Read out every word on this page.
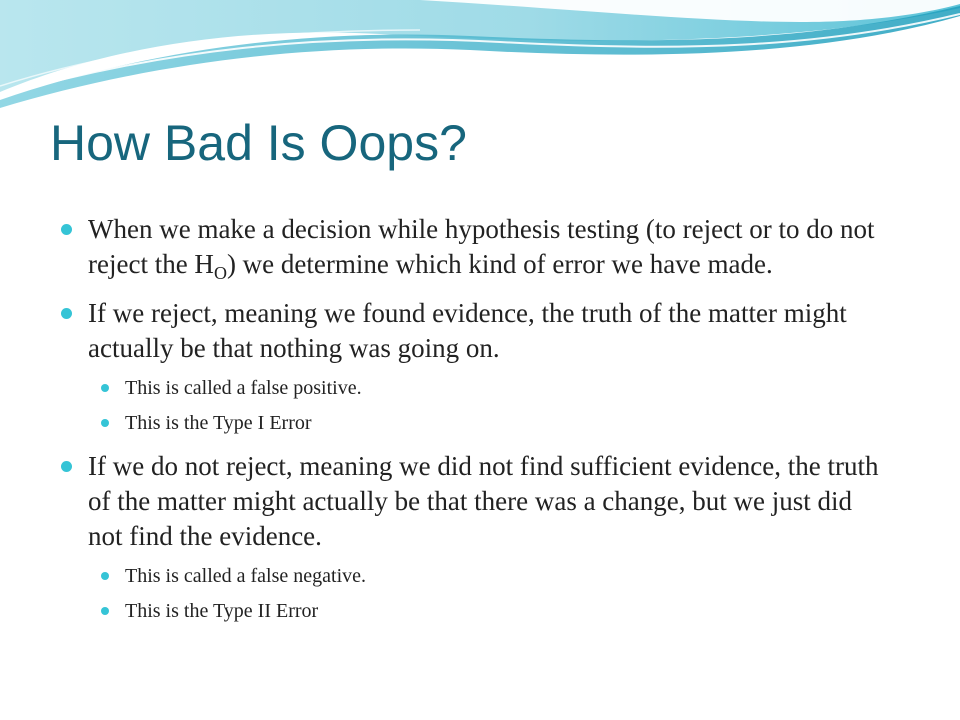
How Bad Is Oops?
When we make a decision while hypothesis testing (to reject or to do not reject the $H_O$) we determine which kind of error we have made.
If we reject, meaning we found evidence, the truth of the matter might actually be that nothing was going on.
This is called a false positive.
This is the Type I Error
If we do not reject, meaning we did not find sufficient evidence, the truth of the matter might actually be that there was a change, but we just did not find the evidence.
This is called a false negative.
This is the Type II Error
